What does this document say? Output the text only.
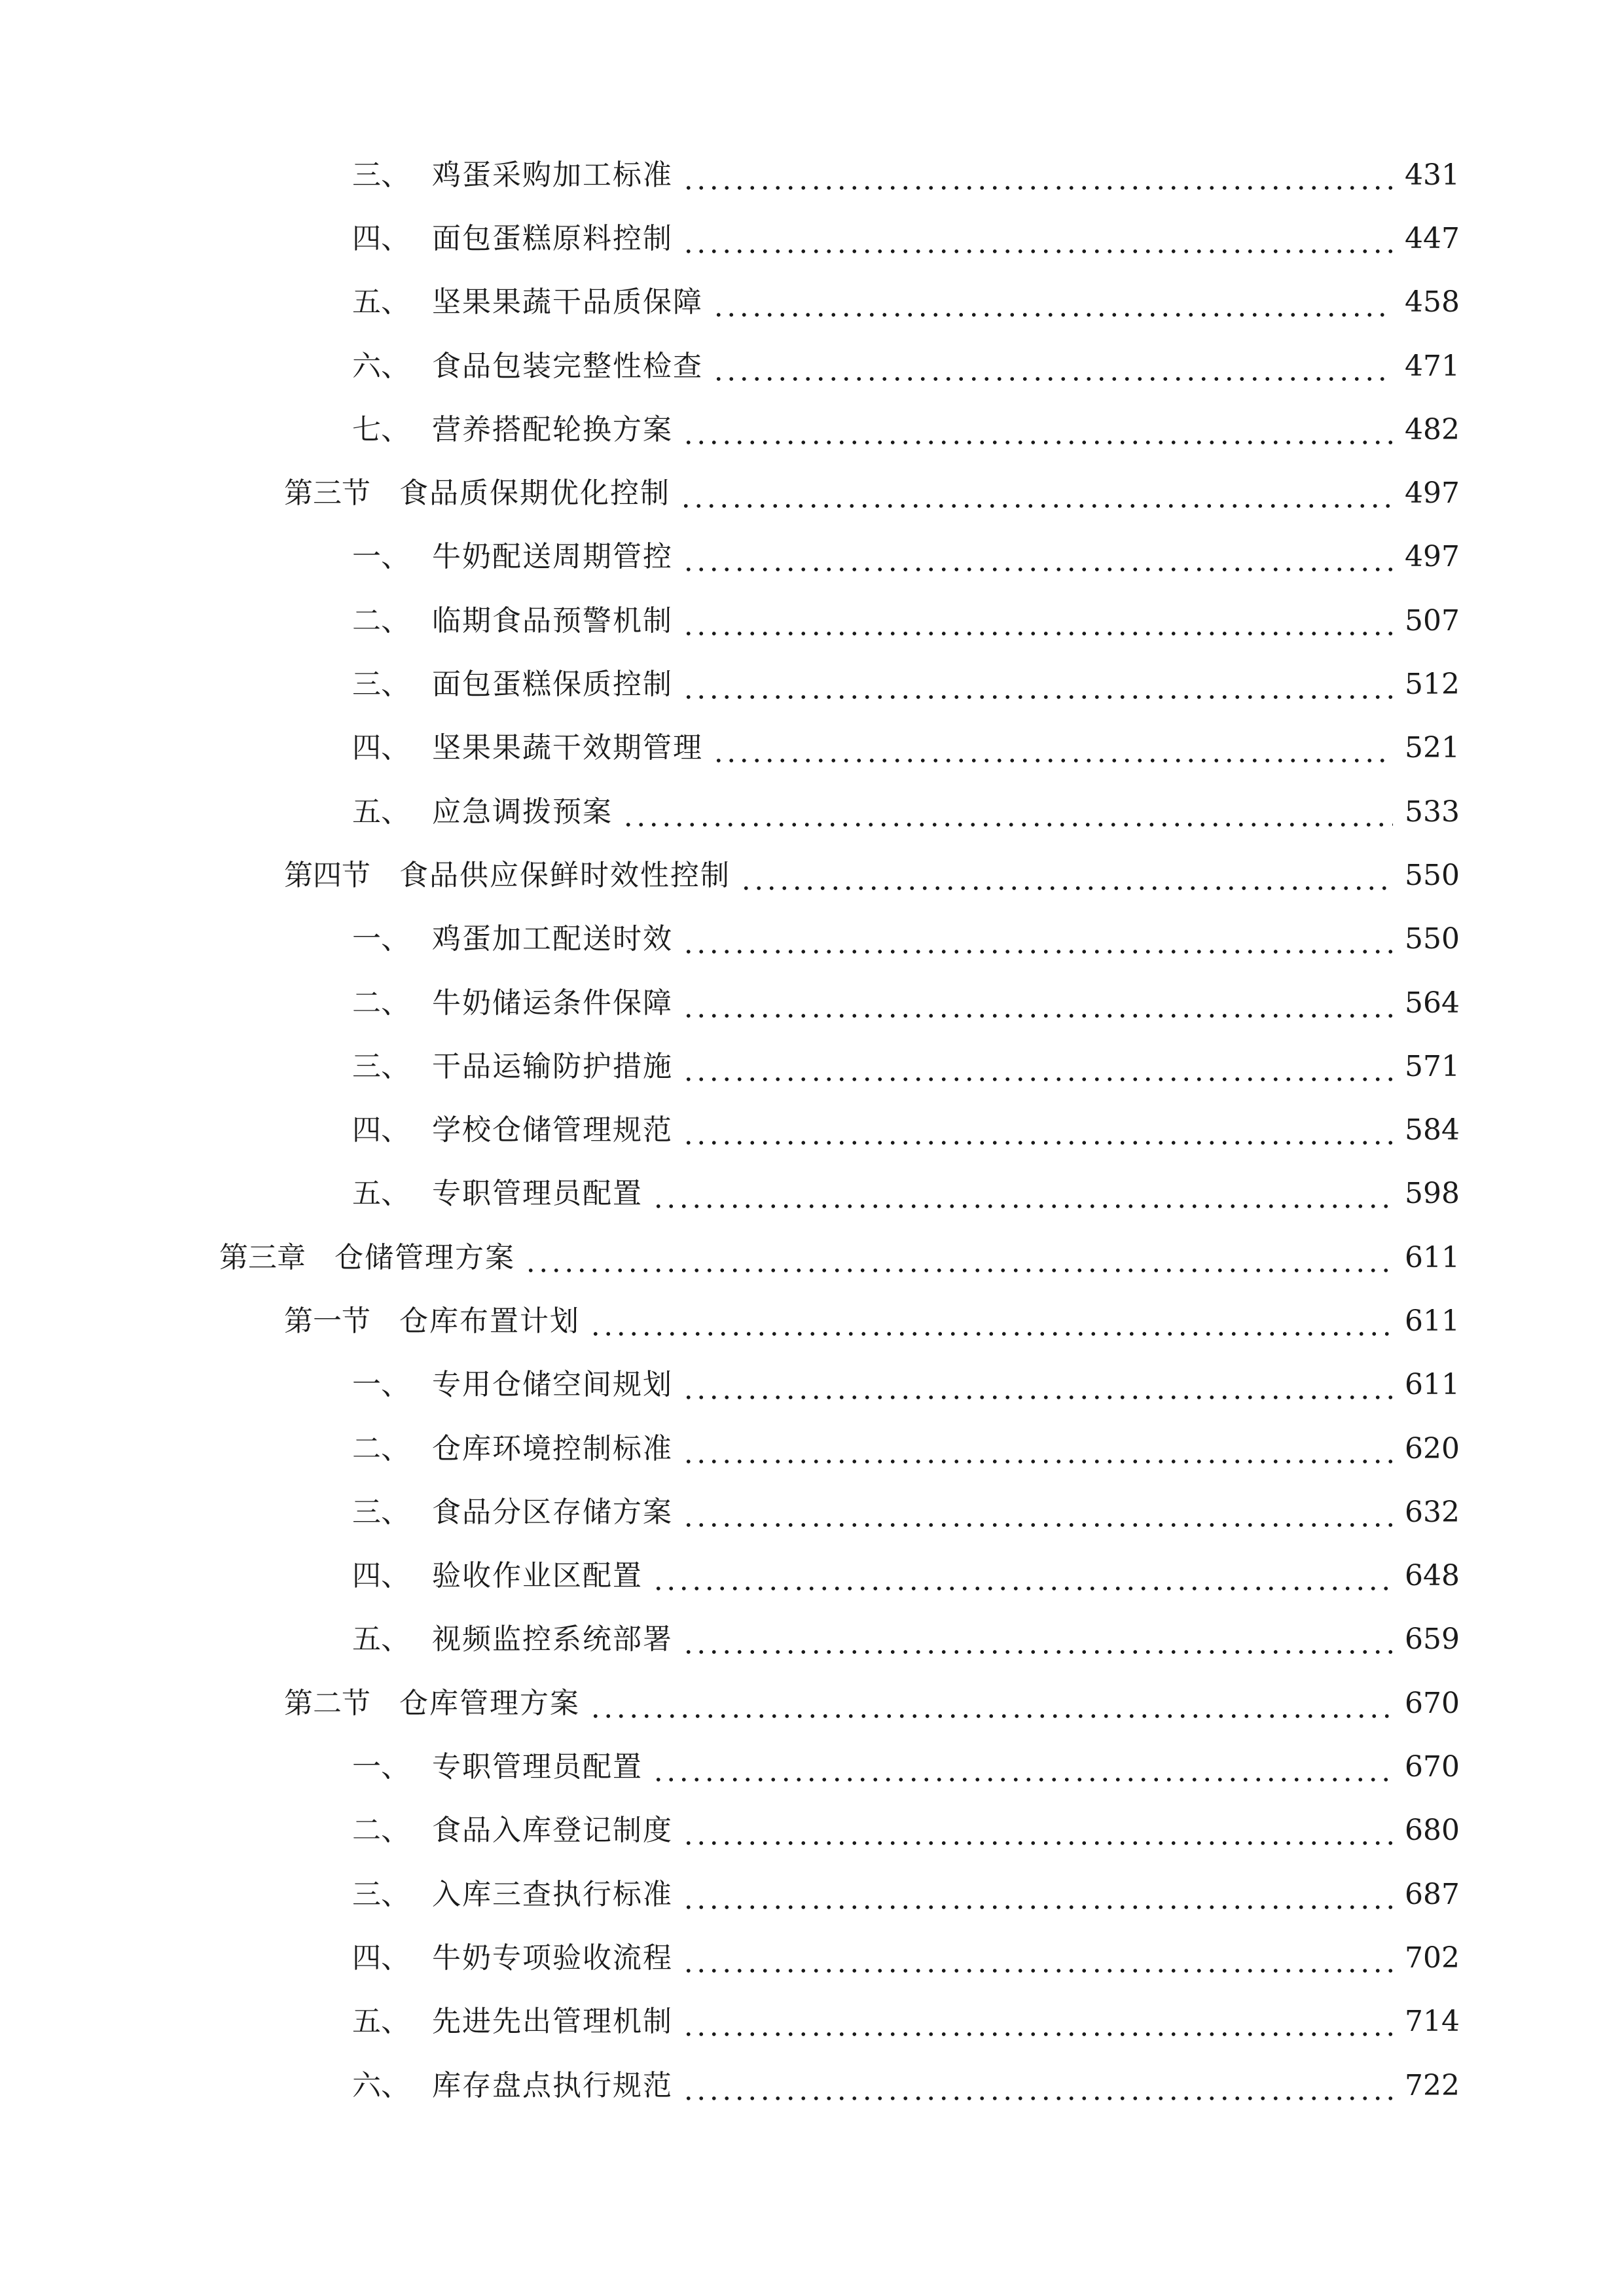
三、 鸡蛋采购加工标准	431
四、 面包蛋糕原料控制	447
五、 坚果果蔬干品质保障	458
六、 食品包装完整性检查	471
七、 营养搭配轮换方案	482
第三节	食品质保期优化控制	497
一、 牛奶配送周期管控	497
二、 临期食品预警机制	507
三、 面包蛋糕保质控制	512
四、 坚果果蔬干效期管理	521
五、 应急调拨预案	533
第四节	食品供应保鲜时效性控制	550
一、 鸡蛋加工配送时效	550
二、 牛奶储运条件保障	564
三、 干品运输防护措施	571
四、 学校仓储管理规范	584
五、 专职管理员配置	598
第三章	仓储管理方案	611
第一节	仓库布置计划	611
一、 专用仓储空间规划	611
二、 仓库环境控制标准	620
三、 食品分区存储方案	632
四、 验收作业区配置	648
五、 视频监控系统部署	659
第二节	仓库管理方案	670
一、 专职管理员配置	670
二、 食品入库登记制度	680
三、 入库三查执行标准	687
四、 牛奶专项验收流程	702
五、 先进先出管理机制	714
六、 库存盘点执行规范	722
